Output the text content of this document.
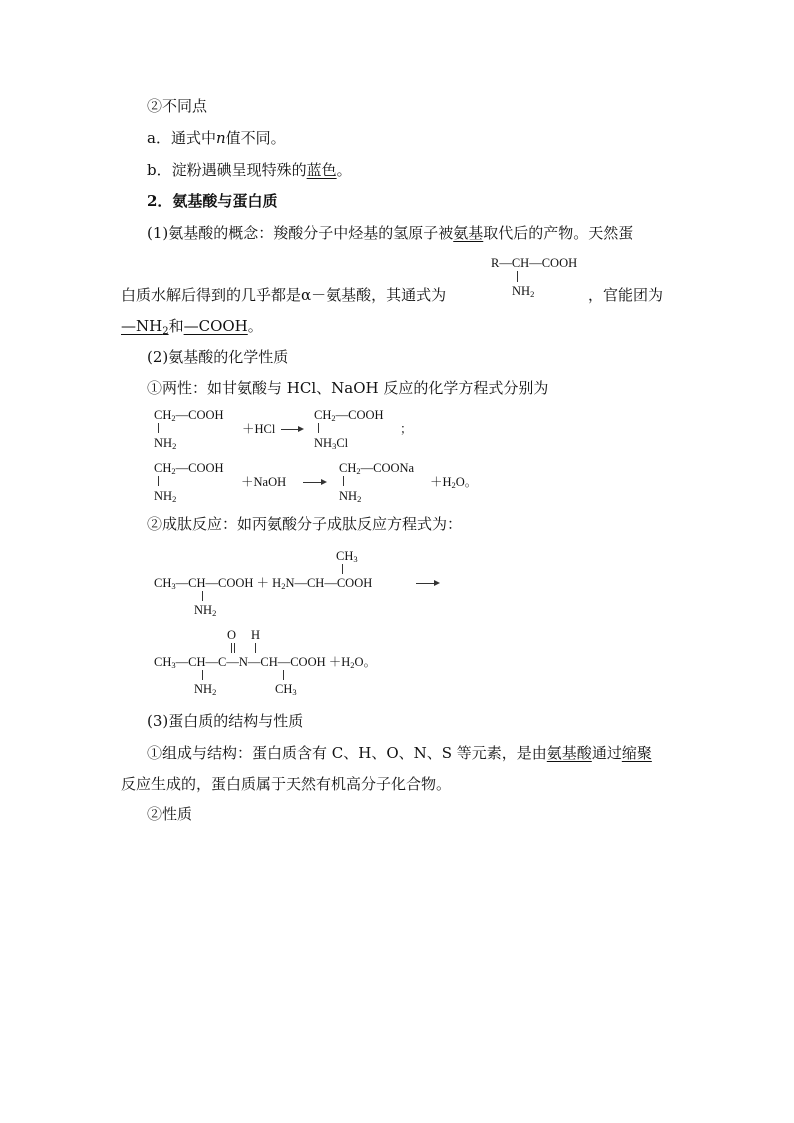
②不同点
a．通式中n值不同。
b．淀粉遇碘呈现特殊的蓝色。
2．氨基酸与蛋白质
(1)氨基酸的概念：羧酸分子中烃基的氢原子被氨基取代后的产物。天然蛋
白质水解后得到的几乎都是α－氨基酸，其通式为	，官能团为
$—NH_2$和—COOH。
(2)氨基酸的化学性质
①两性：如甘氨酸与 HCl、NaOH 反应的化学方程式分别为
②成肽反应：如丙氨酸分子成肽反应方程式为：
(3)蛋白质的结构与性质
①组成与结构：蛋白质含有 C、H、O、N、S 等元素，是由氨基酸通过缩聚
反应生成的，蛋白质属于天然有机高分子化合物。
②性质
R—CH—COOH
NH2
CH2—COOH
NH2
＋HCl →
CH2—COOH
NH3Cl
；
CH2—COOH
NH2
＋NaOH →
CH2—COONa
NH2
＋H2O。
CH3
CH3—CH—COOH ＋ H2N—CH—COOH
NH2
O H
CH3—CH—C—N—CH—COOH ＋H2O。
NH2	CH3
